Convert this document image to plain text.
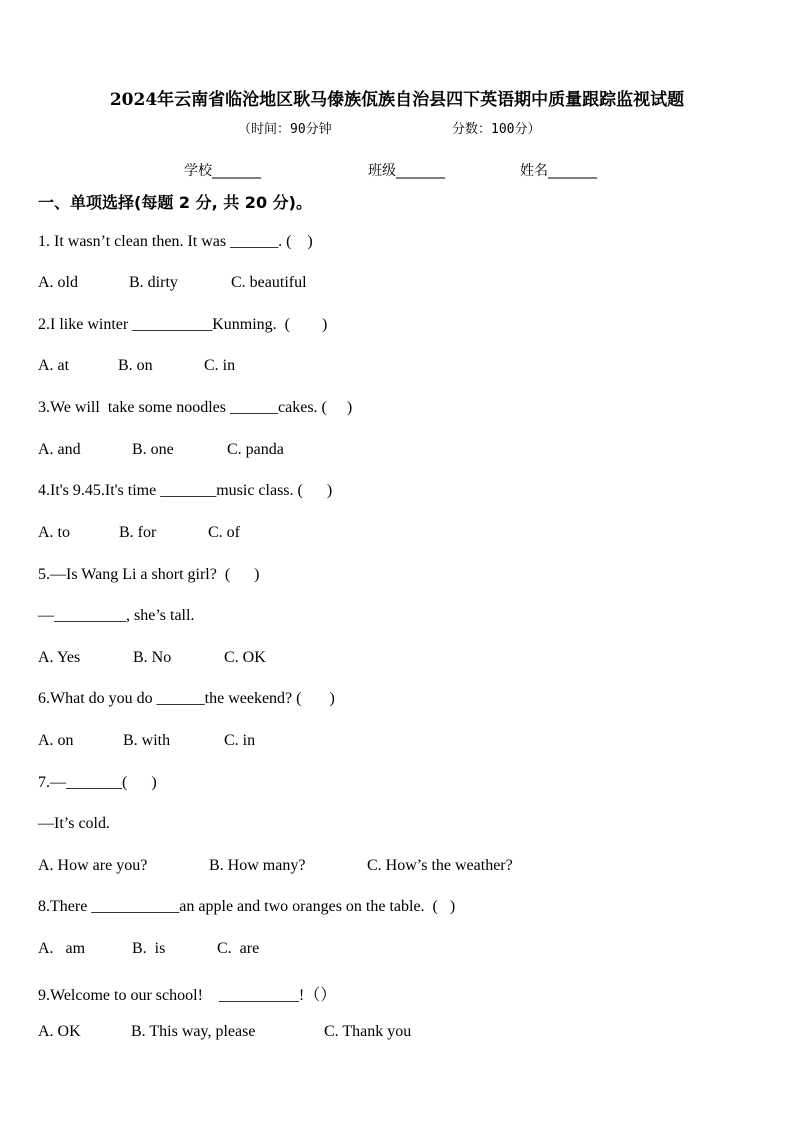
2024年云南省临沧地区耿马傣族佤族自治县四下英语期中质量跟踪监视试题
（时间：90分钟	分数：100分）
学校_______	班级_______	姓名_______
一、单项选择(每题 2 分, 共 20 分)。
1. It wasn’t clean then. It was ______. (    )
A. old	B. dirty	C. beautiful
2.I like winter __________Kunming.  (        )
A. at	B. on	C. in
3.We will  take some noodles ______cakes. (     )
A. and	B. one	C. panda
4.It's 9.45.It's time _______music class. (      )
A. to	B. for	C. of
5.—Is Wang Li a short girl?  (      )
—_________, she’s tall.
A. Yes	B. No	C. OK
6.What do you do ______the weekend? (       )
A. on	B. with	C. in
7.—_______(      )
—It’s cold.
A. How are you?	B. How many?	C. How’s the weather?
8.There ___________an apple and two oranges on the table.  (   )
A.   am	B.  is	C.  are
9.Welcome to our school!    __________!（）
A. OK	B. This way, please	C. Thank you
